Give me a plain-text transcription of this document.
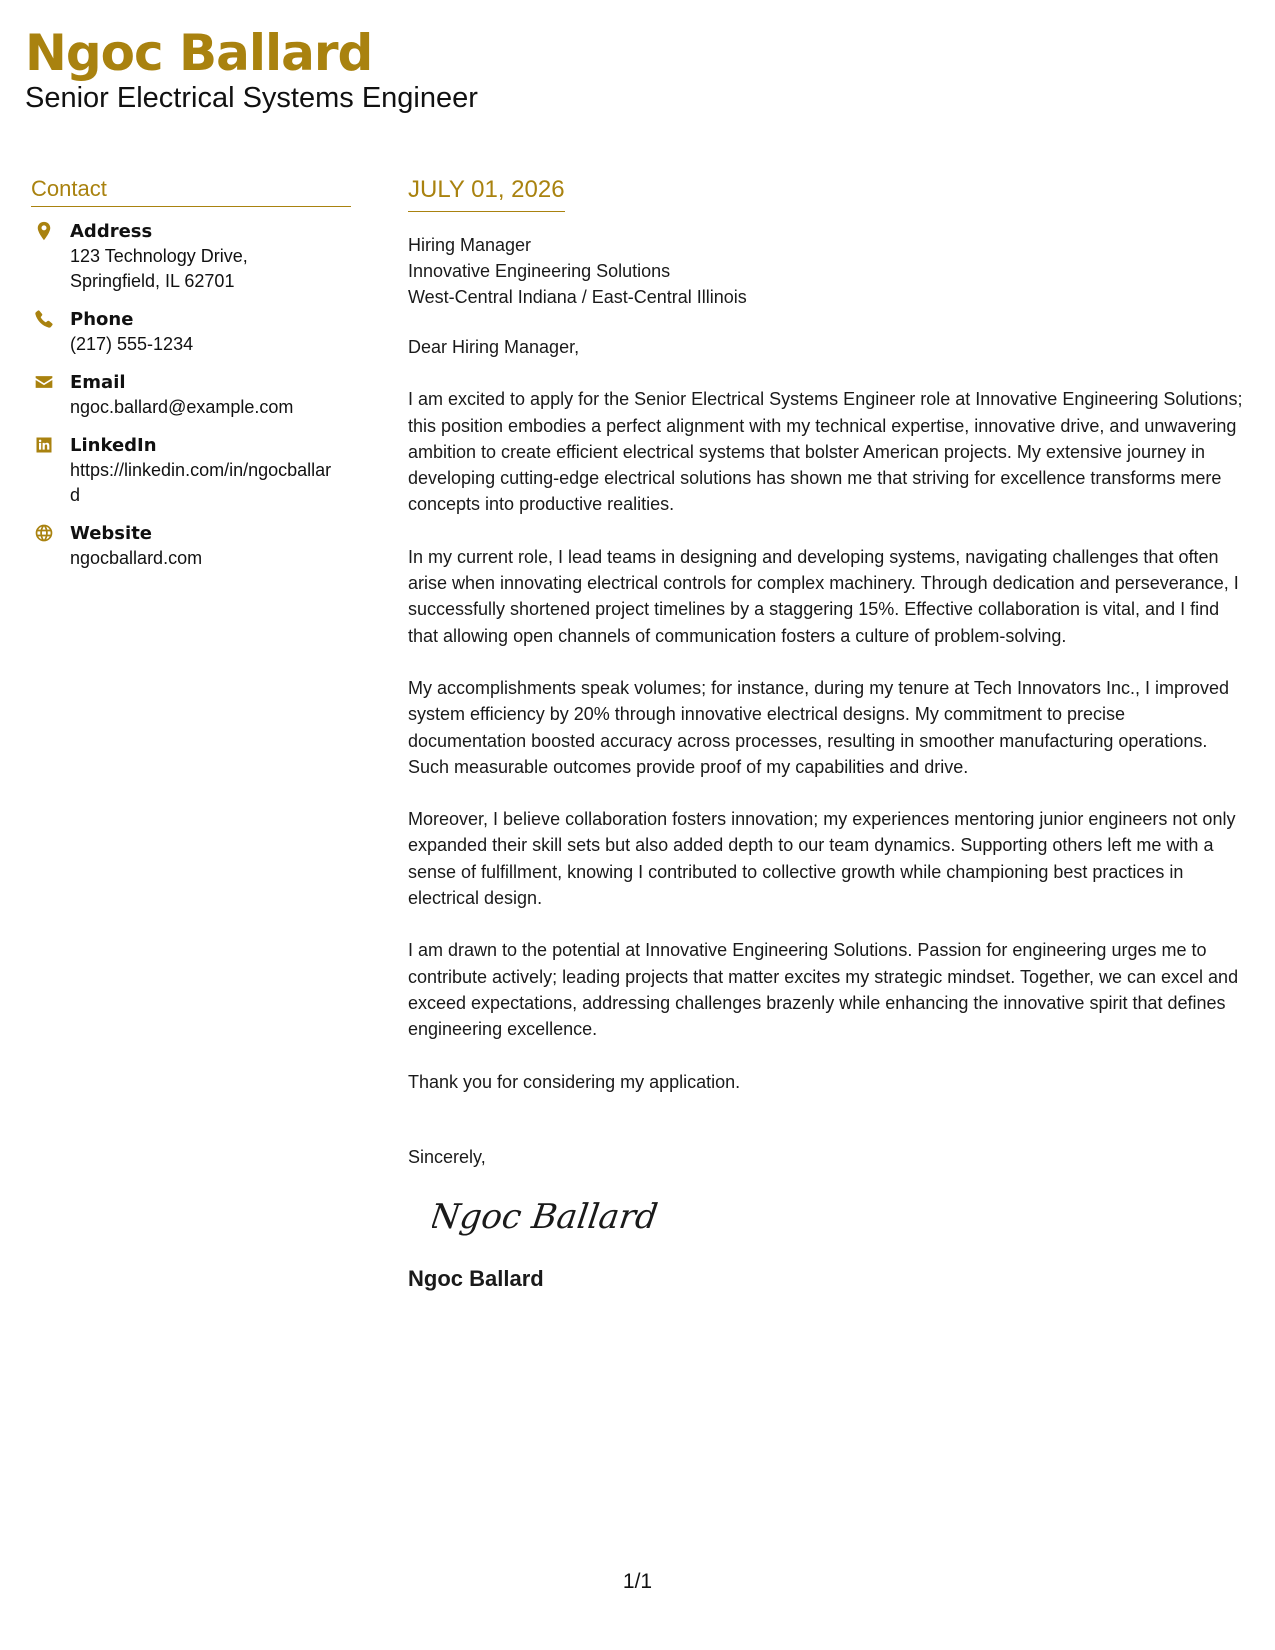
Ngoc Ballard
Senior Electrical Systems Engineer
Contact
Address
123 Technology Drive,
Springfield, IL 62701
Phone
(217) 555-1234
Email
ngoc.ballard@example.com
LinkedIn
https://linkedin.com/in/ngocballard
Website
ngocballard.com
JULY 01, 2026
Hiring Manager
Innovative Engineering Solutions
West-Central Indiana / East-Central Illinois

Dear Hiring Manager,

I am excited to apply for the Senior Electrical Systems Engineer role at Innovative Engineering Solutions; this position embodies a perfect alignment with my technical expertise, innovative drive, and unwavering ambition to create efficient electrical systems that bolster American projects. My extensive journey in developing cutting-edge electrical solutions has shown me that striving for excellence transforms mere concepts into productive realities.

In my current role, I lead teams in designing and developing systems, navigating challenges that often arise when innovating electrical controls for complex machinery. Through dedication and perseverance, I successfully shortened project timelines by a staggering 15%. Effective collaboration is vital, and I find that allowing open channels of communication fosters a culture of problem-solving.

My accomplishments speak volumes; for instance, during my tenure at Tech Innovators Inc., I improved system efficiency by 20% through innovative electrical designs. My commitment to precise documentation boosted accuracy across processes, resulting in smoother manufacturing operations. Such measurable outcomes provide proof of my capabilities and drive.

Moreover, I believe collaboration fosters innovation; my experiences mentoring junior engineers not only expanded their skill sets but also added depth to our team dynamics. Supporting others left me with a sense of fulfillment, knowing I contributed to collective growth while championing best practices in electrical design.

I am drawn to the potential at Innovative Engineering Solutions. Passion for engineering urges me to contribute actively; leading projects that matter excites my strategic mindset. Together, we can excel and exceed expectations, addressing challenges brazenly while enhancing the innovative spirit that defines engineering excellence.

Thank you for considering my application.

Sincerely,
Ngoc Ballard
Ngoc Ballard
1/1
